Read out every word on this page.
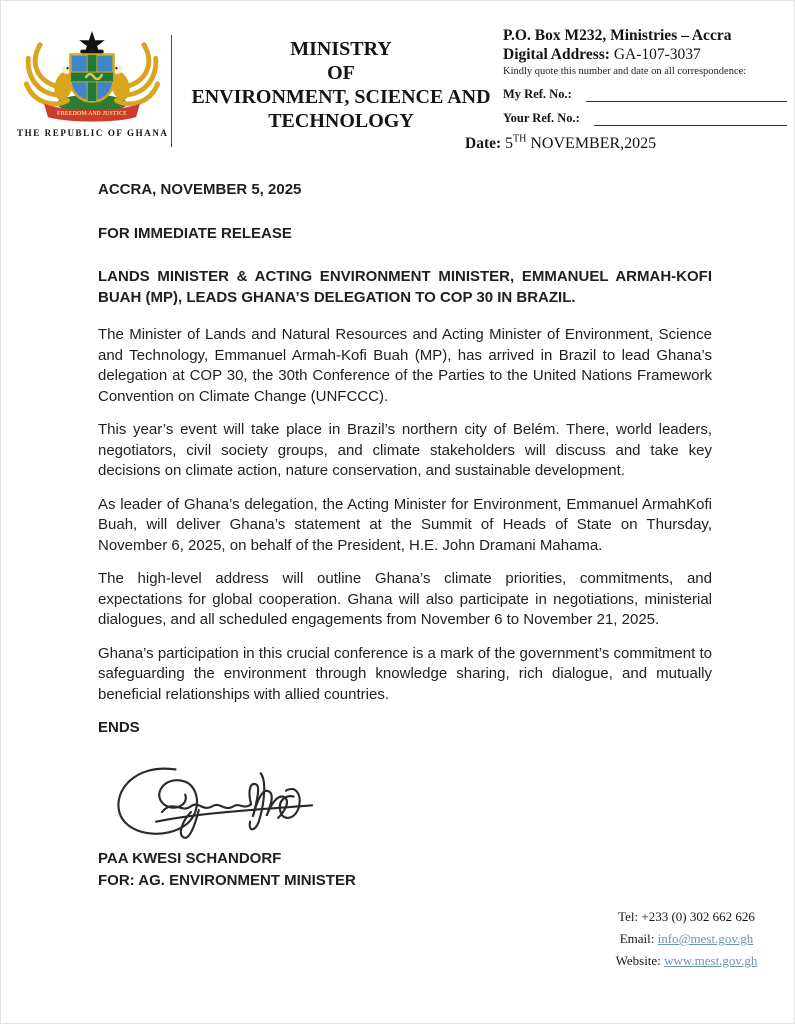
FREEDOM AND JUSTICE
THE REPUBLIC OF GHANA
MINISTRY
OF
ENVIRONMENT, SCIENCE AND
TECHNOLOGY
P.O. Box M232, Ministries – Accra
Digital Address: GA-107-3037
Kindly quote this number and date on all correspondence:
My Ref. No.:
Your Ref. No.:
Date: 5TH NOVEMBER,2025

ACCRA, NOVEMBER 5, 2025

FOR IMMEDIATE RELEASE

LANDS MINISTER & ACTING ENVIRONMENT MINISTER, EMMANUEL ARMAH-KOFI BUAH (MP), LEADS GHANA’S DELEGATION TO COP 30 IN BRAZIL.

The Minister of Lands and Natural Resources and Acting Minister of Environment, Science and Technology, Emmanuel Armah-Kofi Buah (MP), has arrived in Brazil to lead Ghana’s delegation at COP 30, the 30th Conference of the Parties to the United Nations Framework Convention on Climate Change (UNFCCC).

This year’s event will take place in Brazil’s northern city of Belém. There, world leaders, negotiators, civil society groups, and climate stakeholders will discuss and take key decisions on climate action, nature conservation, and sustainable development.

As leader of Ghana’s delegation, the Acting Minister for Environment, Emmanuel ArmahKofi Buah, will deliver Ghana’s statement at the Summit of Heads of State on Thursday, November 6, 2025, on behalf of the President, H.E. John Dramani Mahama.

The high-level address will outline Ghana’s climate priorities, commitments, and expectations for global cooperation. Ghana will also participate in negotiations, ministerial dialogues, and all scheduled engagements from November 6 to November 21, 2025.

Ghana’s participation in this crucial conference is a mark of the government’s commitment to safeguarding the environment through knowledge sharing, rich dialogue, and mutually beneficial relationships with allied countries.

ENDS

PAA KWESI SCHANDORF
FOR: AG. ENVIRONMENT MINISTER
Tel: +233 (0) 302 662 626
Email: info@mest.gov.gh
Website: www.mest.gov.gh
